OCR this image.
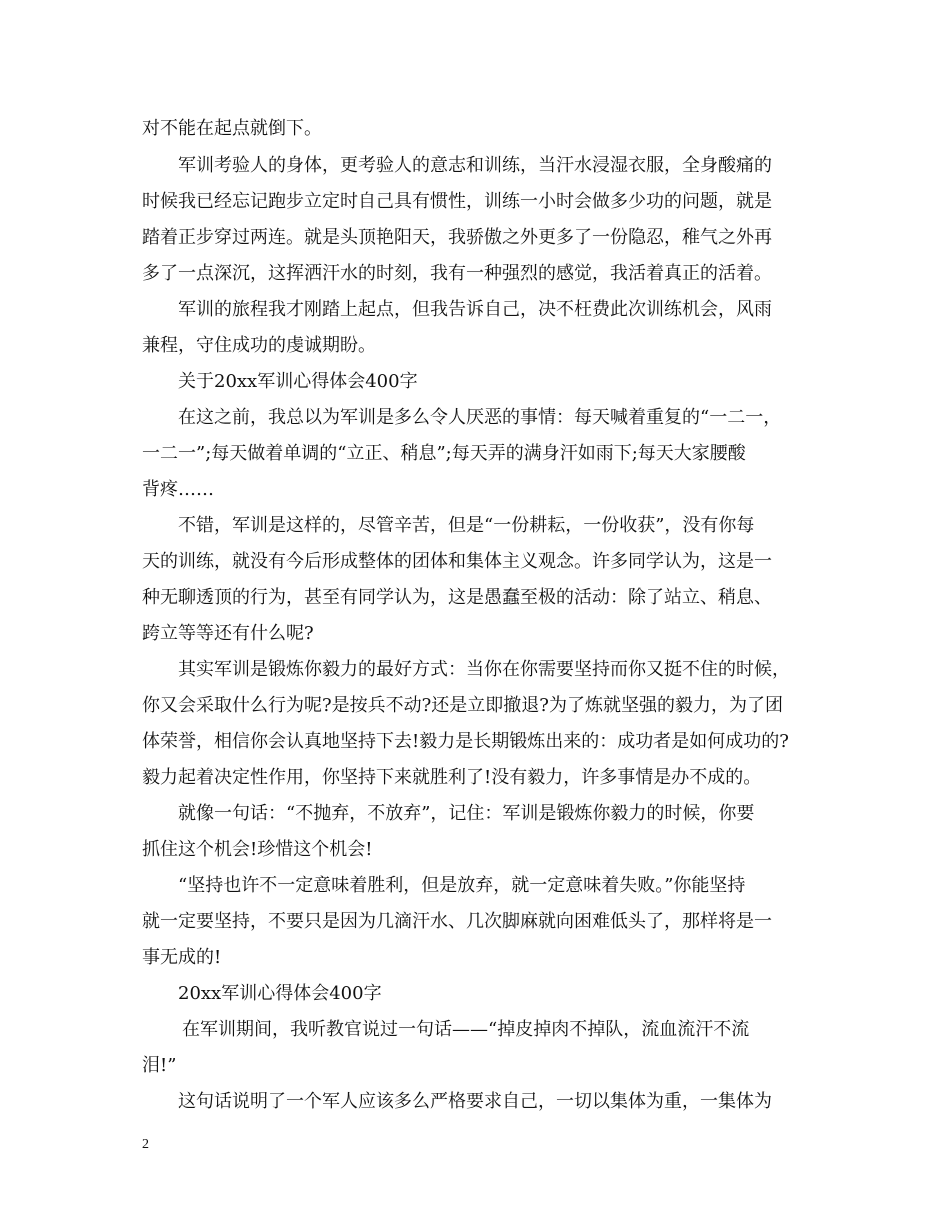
对不能在起点就倒下。
军训考验人的身体，更考验人的意志和训练，当汗水浸湿衣服，全身酸痛的
时候我已经忘记跑步立定时自己具有惯性，训练一小时会做多少功的问题，就是
踏着正步穿过两连。就是头顶艳阳天，我骄傲之外更多了一份隐忍，稚气之外再
多了一点深沉，这挥洒汗水的时刻，我有一种强烈的感觉，我活着真正的活着。
军训的旅程我才刚踏上起点，但我告诉自己，决不枉费此次训练机会，风雨
兼程，守住成功的虔诚期盼。
关于20xx军训心得体会400字
在这之前，我总以为军训是多么令人厌恶的事情：每天喊着重复的“一二一，
一二一”;每天做着单调的“立正、稍息”;每天弄的满身汗如雨下;每天大家腰酸
背疼……
不错，军训是这样的，尽管辛苦，但是“一份耕耘，一份收获”，没有你每
天的训练，就没有今后形成整体的团体和集体主义观念。许多同学认为，这是一
种无聊透顶的行为，甚至有同学认为，这是愚蠢至极的活动：除了站立、稍息、
跨立等等还有什么呢?
其实军训是锻炼你毅力的最好方式：当你在你需要坚持而你又挺不住的时候，
你又会采取什么行为呢?是按兵不动?还是立即撤退?为了炼就坚强的毅力，为了团
体荣誉，相信你会认真地坚持下去!毅力是长期锻炼出来的：成功者是如何成功的?
毅力起着决定性作用，你坚持下来就胜利了!没有毅力，许多事情是办不成的。
就像一句话：“不抛弃，不放弃”，记住：军训是锻炼你毅力的时候，你要
抓住这个机会!珍惜这个机会!
“坚持也许不一定意味着胜利，但是放弃，就一定意味着失败。”你能坚持
就一定要坚持，不要只是因为几滴汗水、几次脚麻就向困难低头了，那样将是一
事无成的!
20xx军训心得体会400字
在军训期间，我听教官说过一句话——“掉皮掉肉不掉队，流血流汗不流
泪!”
这句话说明了一个军人应该多么严格要求自己，一切以集体为重，一集体为
2
